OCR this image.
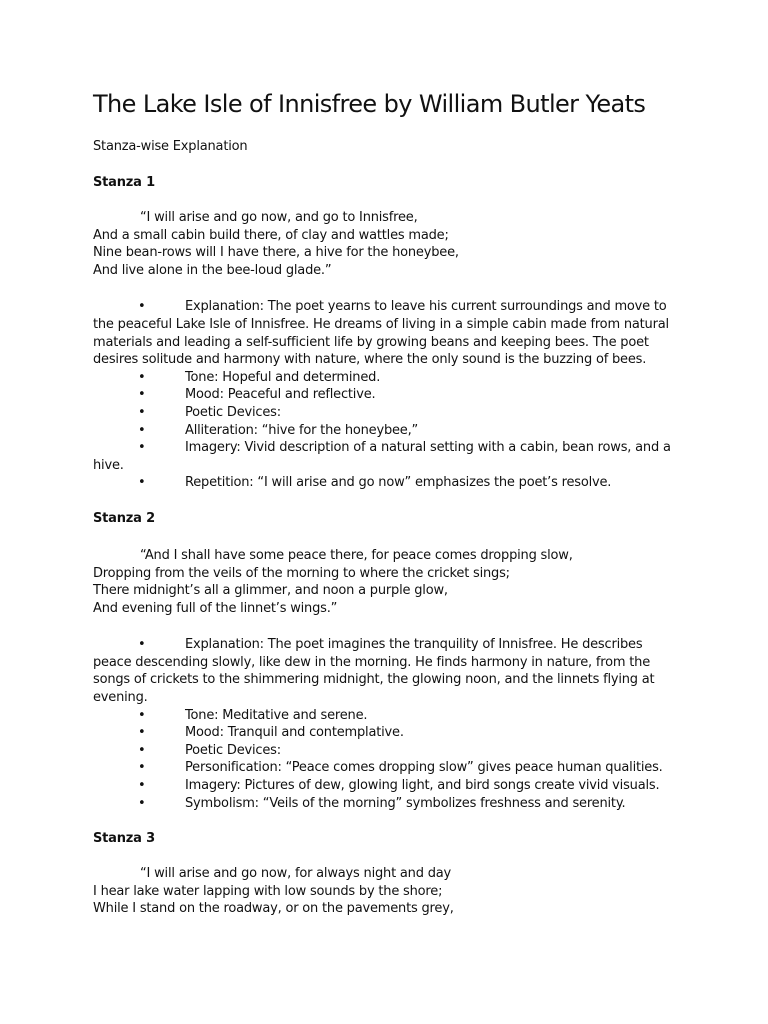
The Lake Isle of Innisfree by William Butler Yeats
Stanza-wise Explanation
Stanza 1
“I will arise and go now, and go to Innisfree,
And a small cabin build there, of clay and wattles made;
Nine bean-rows will I have there, a hive for the honeybee,
And live alone in the bee-loud glade.”
•	Explanation: The poet yearns to leave his current surroundings and move to the peaceful Lake Isle of Innisfree. He dreams of living in a simple cabin made from natural materials and leading a self-sufficient life by growing beans and keeping bees. The poet desires solitude and harmony with nature, where the only sound is the buzzing of bees.
•	Tone: Hopeful and determined.
•	Mood: Peaceful and reflective.
•	Poetic Devices:
•	Alliteration: “hive for the honeybee,”
•	Imagery: Vivid description of a natural setting with a cabin, bean rows, and a hive.
•	Repetition: “I will arise and go now” emphasizes the poet’s resolve.
Stanza 2
“And I shall have some peace there, for peace comes dropping slow,
Dropping from the veils of the morning to where the cricket sings;
There midnight’s all a glimmer, and noon a purple glow,
And evening full of the linnet’s wings.”
•	Explanation: The poet imagines the tranquility of Innisfree. He describes peace descending slowly, like dew in the morning. He finds harmony in nature, from the songs of crickets to the shimmering midnight, the glowing noon, and the linnets flying at evening.
•	Tone: Meditative and serene.
•	Mood: Tranquil and contemplative.
•	Poetic Devices:
•	Personification: “Peace comes dropping slow” gives peace human qualities.
•	Imagery: Pictures of dew, glowing light, and bird songs create vivid visuals.
•	Symbolism: “Veils of the morning” symbolizes freshness and serenity.
Stanza 3
“I will arise and go now, for always night and day
I hear lake water lapping with low sounds by the shore;
While I stand on the roadway, or on the pavements grey,
